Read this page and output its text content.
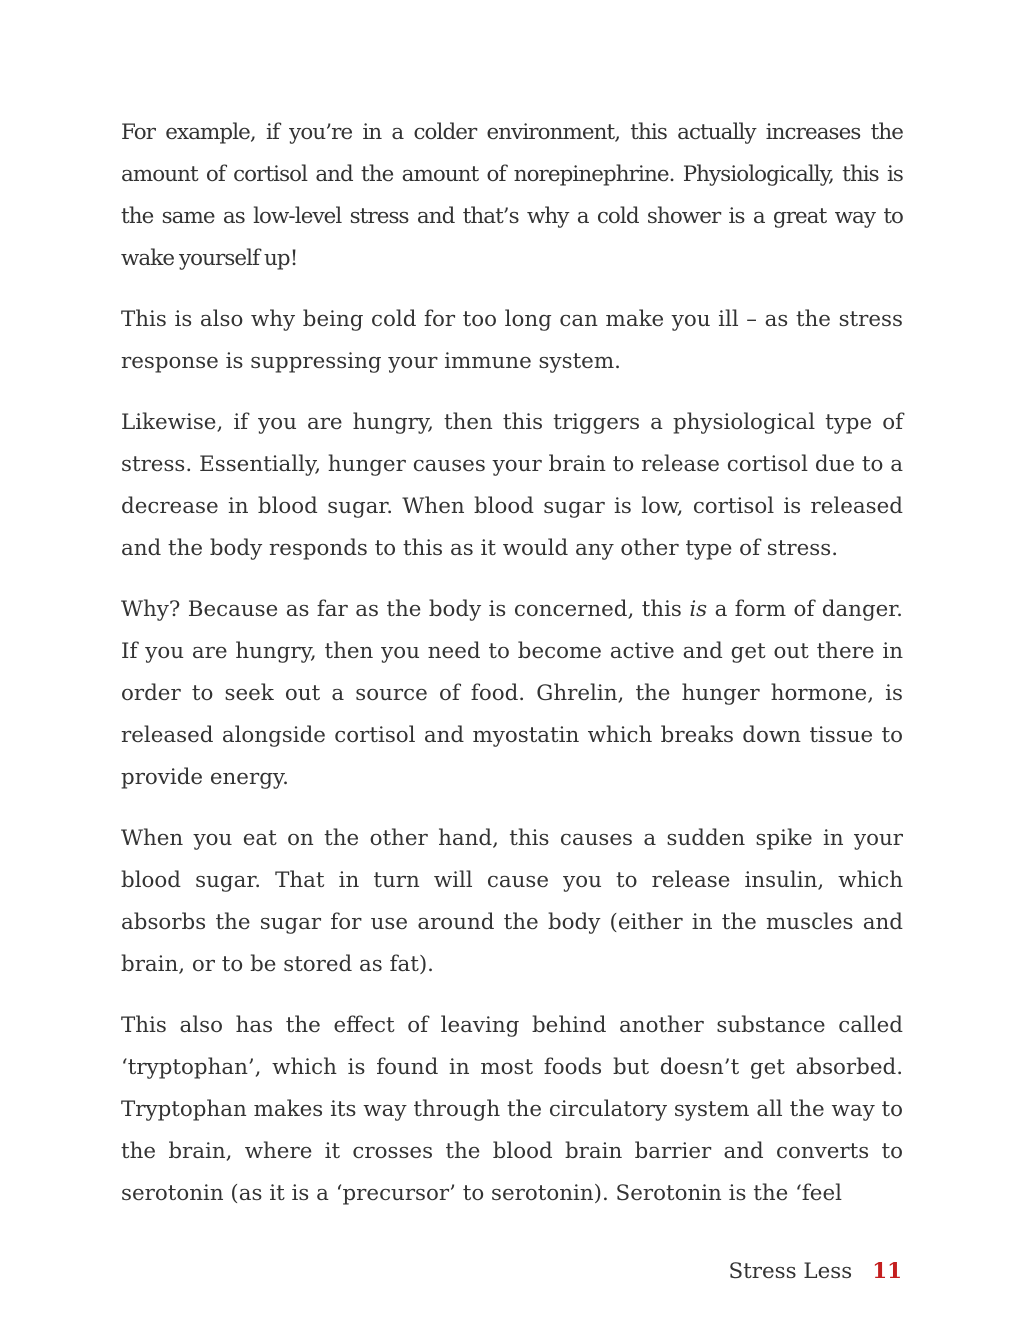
For example, if you’re in a colder environment, this actually increases the amount of cortisol and the amount of norepinephrine. Physiologically, this is the same as low-level stress and that’s why a cold shower is a great way to wake yourself up!

This is also why being cold for too long can make you ill – as the stress response is suppressing your immune system.

Likewise, if you are hungry, then this triggers a physiological type of stress. Essentially, hunger causes your brain to release cortisol due to a decrease in blood sugar. When blood sugar is low, cortisol is released and the body responds to this as it would any other type of stress.

Why? Because as far as the body is concerned, this is a form of danger. If you are hungry, then you need to become active and get out there in order to seek out a source of food. Ghrelin, the hunger hormone, is released alongside cortisol and myostatin which breaks down tissue to provide energy.

When you eat on the other hand, this causes a sudden spike in your blood sugar. That in turn will cause you to release insulin, which absorbs the sugar for use around the body (either in the muscles and brain, or to be stored as fat).

This also has the effect of leaving behind another substance called ‘tryptophan’, which is found in most foods but doesn’t get absorbed. Tryptophan makes its way through the circulatory system all the way to the brain, where it crosses the blood brain barrier and converts to serotonin (as it is a ‘precursor’ to serotonin). Serotonin is the ‘feel

Stress Less 11
